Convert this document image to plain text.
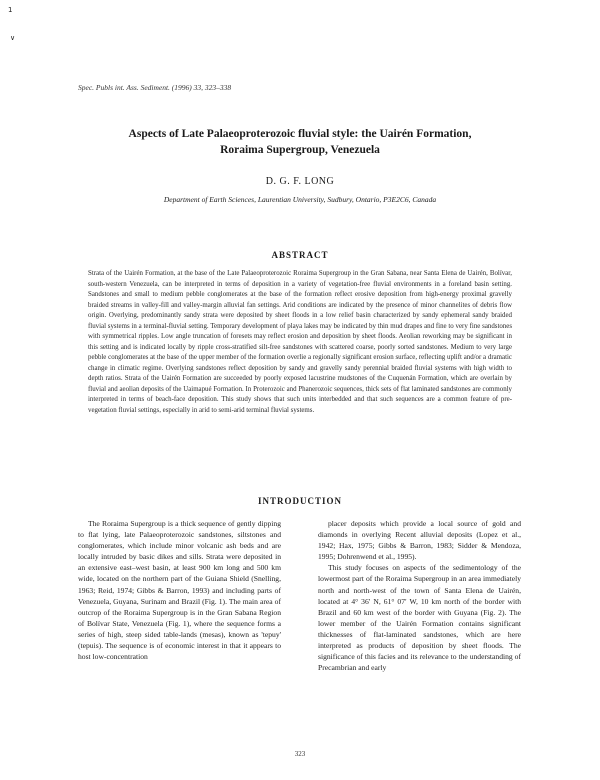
1
∨
Spec. Publs int. Ass. Sediment. (1996) 33, 323–338
Aspects of Late Palaeoproterozoic fluvial style: the Uairén Formation,
Roraima Supergroup, Venezuela
D. G. F. LONG
Department of Earth Sciences, Laurentian University, Sudbury, Ontario, P3E2C6, Canada
ABSTRACT
Strata of the Uairén Formation, at the base of the Late Palaeoproterozoic Roraima Supergroup in the Gran Sabana, near Santa Elena de Uairén, Bolívar, south-western Venezuela, can be interpreted in terms of deposition in a variety of vegetation-free fluvial environments in a foreland basin setting. Sandstones and small to medium pebble conglomerates at the base of the formation reflect erosive deposition from high-energy proximal gravelly braided streams in valley-fill and valley-margin alluvial fan settings. Arid conditions are indicated by the presence of minor channelites of debris flow origin. Overlying, predominantly sandy strata were deposited by sheet floods in a low relief basin characterized by sandy ephemeral sandy braided fluvial systems in a terminal-fluvial setting. Temporary development of playa lakes may be indicated by thin mud drapes and fine to very fine sandstones with symmetrical ripples. Low angle truncation of foresets may reflect erosion and deposition by sheet floods. Aeolian reworking may be significant in this setting and is indicated locally by ripple cross-stratified silt-free sandstones with scattered coarse, poorly sorted sandstones. Medium to very large pebble conglomerates at the base of the upper member of the formation overlie a regionally significant erosion surface, reflecting uplift and/or a dramatic change in climatic regime. Overlying sandstones reflect deposition by sandy and gravelly sandy perennial braided fluvial systems with high width to depth ratios. Strata of the Uairén Formation are succeeded by poorly exposed lacustrine mudstones of the Cuquenán Formation, which are overlain by fluvial and aeolian deposits of the Uaimapué Formation. In Proterozoic and Phanerozoic sequences, thick sets of flat laminated sandstones are commonly interpreted in terms of beach-face deposition. This study shows that such units interbedded and that such sequences are a common feature of pre-vegetation fluvial settings, especially in arid to semi-arid terminal fluvial systems.
INTRODUCTION
The Roraima Supergroup is a thick sequence of gently dipping to flat lying, late Palaeoproterozoic sandstones, siltstones and conglomerates, which include minor volcanic ash beds and are locally intruded by basic dikes and sills. Strata were deposited in an extensive east–west basin, at least 900 km long and 500 km wide, located on the northern part of the Guiana Shield (Snelling, 1963; Reid, 1974; Gibbs & Barron, 1993) and including parts of Venezuela, Guyana, Surinam and Brazil (Fig. 1). The main area of outcrop of the Roraima Supergroup is in the Gran Sabana Region of Bolívar State, Venezuela (Fig. 1), where the sequence forms a series of high, steep sided table-lands (mesas), known as 'tepuy' (tepuis). The sequence is of economic interest in that it appears to host low-concentration
placer deposits which provide a local source of gold and diamonds in overlying Recent alluvial deposits (Lopez et al., 1942; Hax, 1975; Gibbs & Barron, 1983; Sidder & Mendoza, 1995; Dohrenwend et al., 1995).
This study focuses on aspects of the sedimentology of the lowermost part of the Roraima Supergroup in an area immediately north and north-west of the town of Santa Elena de Uairén, located at 4° 36′ N, 61° 07′ W, 10 km north of the border with Brazil and 60 km west of the border with Guyana (Fig. 2). The lower member of the Uairén Formation contains significant thicknesses of flat-laminated sandstones, which are here interpreted as products of deposition by sheet floods. The significance of this facies and its relevance to the understanding of Precambrian and early
323
